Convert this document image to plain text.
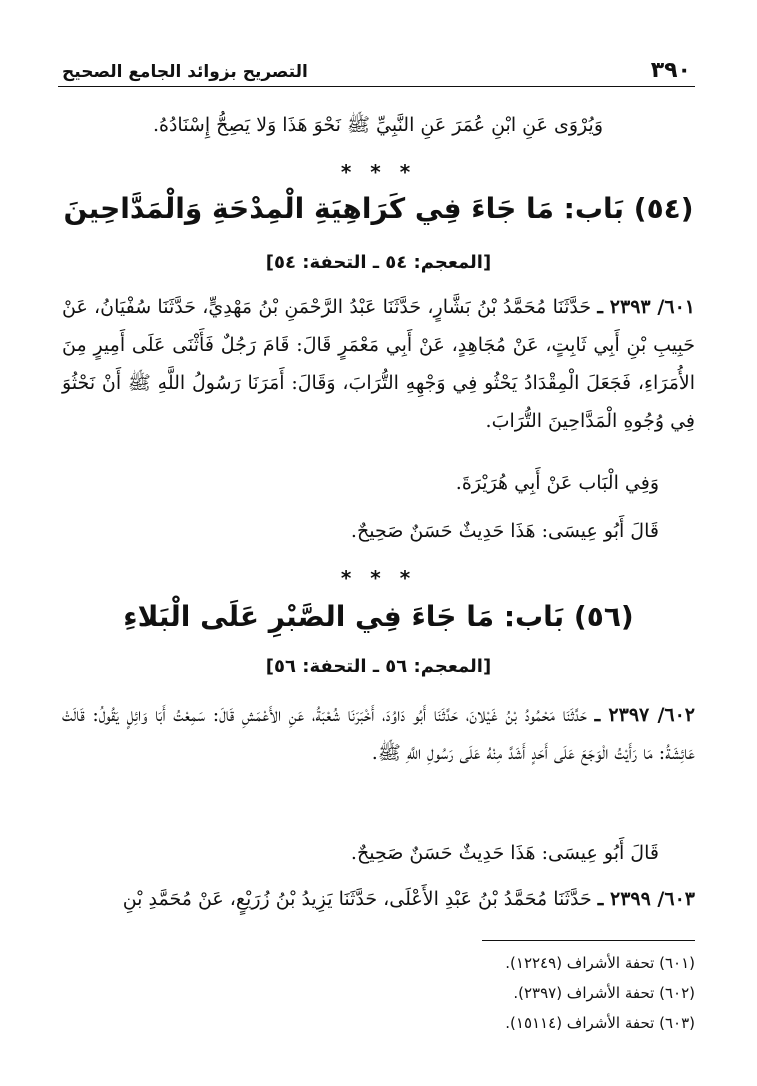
٣٩٠
التصريح بزوائد الجامع الصحيح

وَيُرْوَى عَنِ ابْنِ عُمَرَ عَنِ النَّبِيِّ ﷺ نَحْوَ هَذَا وَلا يَصِحُّ إِسْنَادُهُ.

* * *
(٥٤) بَاب: مَا جَاءَ فِي كَرَاهِيَةِ الْمِدْحَةِ وَالْمَدَّاحِينَ
[المعجم: ٥٤ ـ التحفة: ٥٤]

٦٠١/ ٢٣٩٣ ـ حَدَّثَنَا مُحَمَّدُ بْنُ بَشَّارٍ، حَدَّثَنَا عَبْدُ الرَّحْمَنِ بْنُ مَهْدِيٍّ، حَدَّثَنَا سُفْيَانُ، عَنْ حَبِيبِ بْنِ أَبِي ثَابِتٍ، عَنْ مُجَاهِدٍ، عَنْ أَبِي مَعْمَرٍ قَالَ: قَامَ رَجُلٌ فَأَثْنَى عَلَى أَمِيرٍ مِنَ الأُمَرَاءِ، فَجَعَلَ الْمِقْدَادُ يَحْثُو فِي وَجْهِهِ التُّرَابَ، وَقَالَ: أَمَرَنَا رَسُولُ اللَّهِ ﷺ أَنْ نَحْثُوَ فِي وُجُوهِ الْمَدَّاحِينَ التُّرَابَ.

وَفِي الْبَاب عَنْ أَبِي هُرَيْرَةَ.

قَالَ أَبُو عِيسَى: هَذَا حَدِيثٌ حَسَنٌ صَحِيحٌ.

* * *
(٥٦) بَاب: مَا جَاءَ فِي الصَّبْرِ عَلَى الْبَلاءِ
[المعجم: ٥٦ ـ التحفة: ٥٦]

٦٠٢/ ٢٣٩٧ ـ حَدَّثَنَا مَحْمُودُ بْنُ غَيْلانَ، حَدَّثَنَا أَبُو دَاوُدَ، أَخْبَرَنَا شُعْبَةُ، عَنِ الأَعْمَشِ قَالَ: سَمِعْتُ أَبَا وَائِلٍ يَقُولُ: قَالَتْ عَائِشَةُ: مَا رَأَيْتُ الْوَجَعَ عَلَى أَحَدٍ أَشَدَّ مِنْهُ عَلَى رَسُولِ اللَّهِ ﷺ.

قَالَ أَبُو عِيسَى: هَذَا حَدِيثٌ حَسَنٌ صَحِيحٌ.

٦٠٣/ ٢٣٩٩ ـ حَدَّثَنَا مُحَمَّدُ بْنُ عَبْدِ الأَعْلَى، حَدَّثَنَا يَزِيدُ بْنُ زُرَيْعٍ، عَنْ مُحَمَّدِ بْنِ

(٦٠١) تحفة الأشراف (١٢٢٤٩).
(٦٠٢) تحفة الأشراف (٢٣٩٧).
(٦٠٣) تحفة الأشراف (١٥١١٤).
